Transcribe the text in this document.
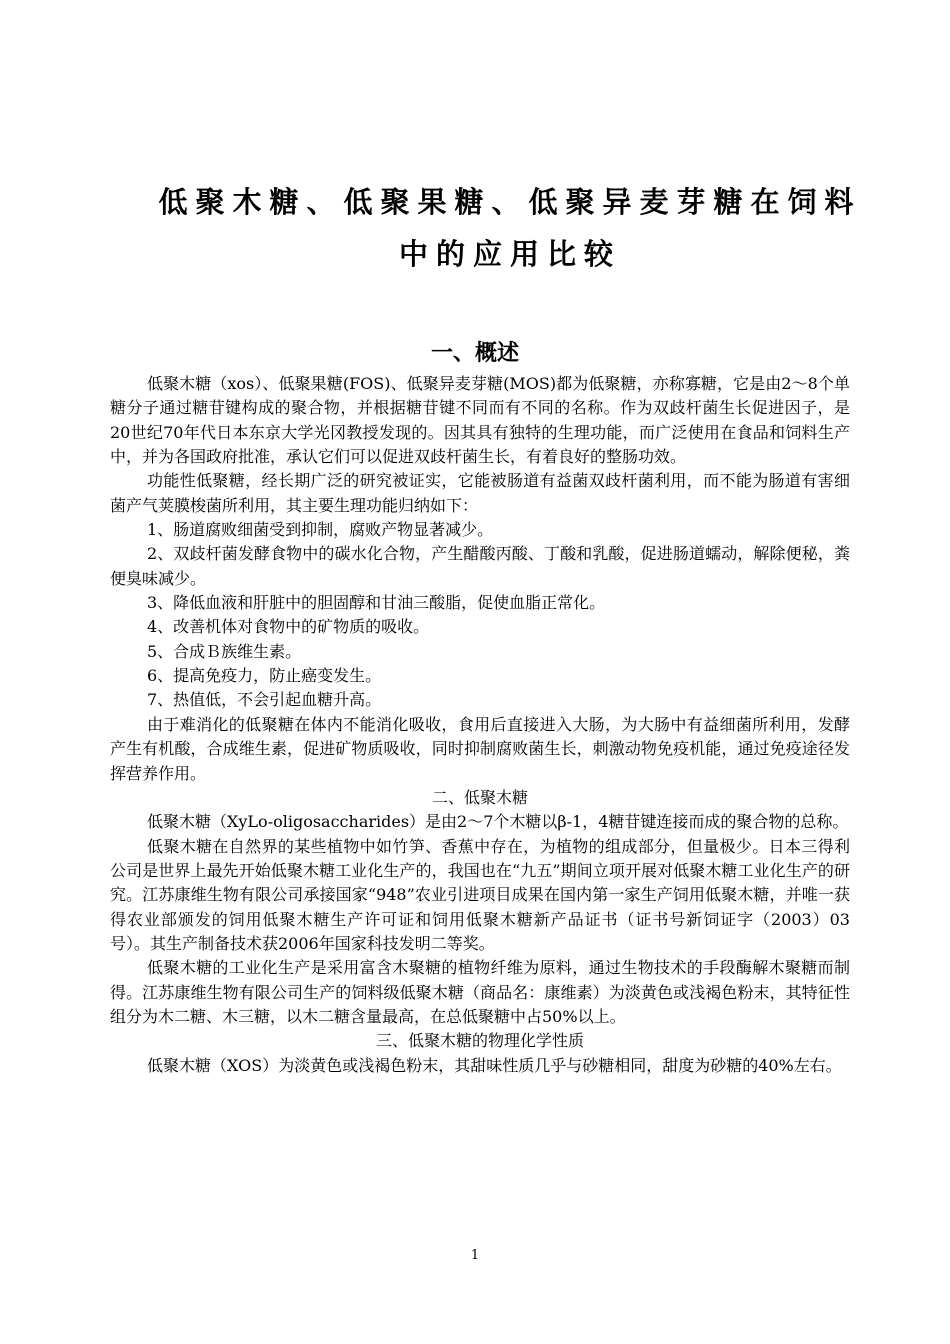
低聚木糖、低聚果糖、低聚异麦芽糖在饲料
中的应用比较
一、概述

低聚木糖（xos）、低聚果糖(FOS)、低聚异麦芽糖(MOS)都为低聚糖，亦称寡糖，它是由2～8个单糖分子通过糖苷键构成的聚合物，并根据糖苷键不同而有不同的名称。作为双歧杆菌生长促进因子，是20世纪70年代日本东京大学光冈教授发现的。因其具有独特的生理功能，而广泛使用在食品和饲料生产中，并为各国政府批准，承认它们可以促进双歧杆菌生长，有着良好的整肠功效。

功能性低聚糖，经长期广泛的研究被证实，它能被肠道有益菌双歧杆菌利用，而不能为肠道有害细菌产气荚膜梭菌所利用，其主要生理功能归纳如下：

1、肠道腐败细菌受到抑制，腐败产物显著减少。

2、双歧杆菌发酵食物中的碳水化合物，产生醋酸丙酸、丁酸和乳酸，促进肠道蠕动，解除便秘，粪便臭味减少。

3、降低血液和肝脏中的胆固醇和甘油三酸脂，促使血脂正常化。

4、改善机体对食物中的矿物质的吸收。

5、合成Ｂ族维生素。

6、提高免疫力，防止癌变发生。

7、热值低，不会引起血糖升高。

由于难消化的低聚糖在体内不能消化吸收，食用后直接进入大肠，为大肠中有益细菌所利用，发酵产生有机酸，合成维生素，促进矿物质吸收，同时抑制腐败菌生长，刺激动物免疫机能，通过免疫途径发挥营养作用。

二、低聚木糖

低聚木糖（XyLo-oligosaccharides）是由2～7个木糖以β-1，4糖苷键连接而成的聚合物的总称。

低聚木糖在自然界的某些植物中如竹笋、香蕉中存在，为植物的组成部分，但量极少。日本三得利公司是世界上最先开始低聚木糖工业化生产的，我国也在“九五”期间立项开展对低聚木糖工业化生产的研究。江苏康维生物有限公司承接国家“948”农业引进项目成果在国内第一家生产饲用低聚木糖，并唯一获得农业部颁发的饲用低聚木糖生产许可证和饲用低聚木糖新产品证书（证书号新饲证字（2003）03号）。其生产制备技术获2006年国家科技发明二等奖。

低聚木糖的工业化生产是采用富含木聚糖的植物纤维为原料，通过生物技术的手段酶解木聚糖而制得。江苏康维生物有限公司生产的饲料级低聚木糖（商品名：康维素）为淡黄色或浅褐色粉末，其特征性组分为木二糖、木三糖，以木二糖含量最高，在总低聚糖中占50%以上。

三、低聚木糖的物理化学性质

低聚木糖（XOS）为淡黄色或浅褐色粉末，其甜味性质几乎与砂糖相同，甜度为砂糖的40%左右。

1
